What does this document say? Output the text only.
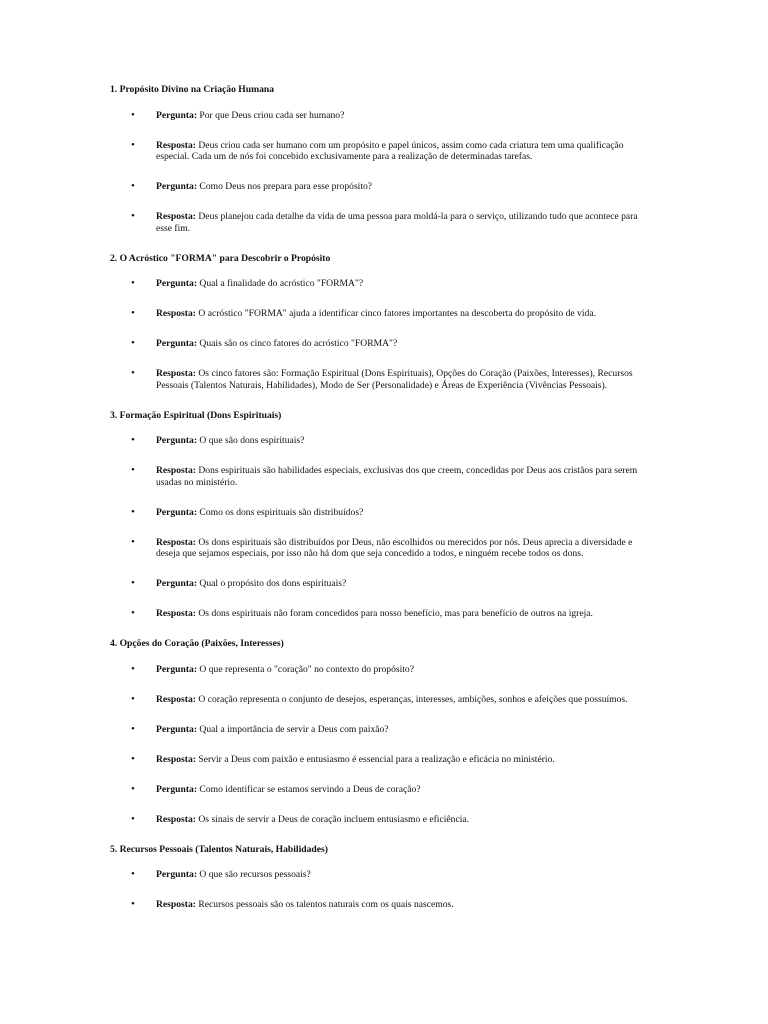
1. Propósito Divino na Criação Humana
• Pergunta: Por que Deus criou cada ser humano?
• Resposta: Deus criou cada ser humano com um propósito e papel únicos, assim como cada criatura tem uma qualificação especial. Cada um de nós foi concebido exclusivamente para a realização de determinadas tarefas.
• Pergunta: Como Deus nos prepara para esse propósito?
• Resposta: Deus planejou cada detalhe da vida de uma pessoa para moldá-la para o serviço, utilizando tudo que acontece para esse fim.
2. O Acróstico "FORMA" para Descobrir o Propósito
• Pergunta: Qual a finalidade do acróstico "FORMA"?
• Resposta: O acróstico "FORMA" ajuda a identificar cinco fatores importantes na descoberta do propósito de vida.
• Pergunta: Quais são os cinco fatores do acróstico "FORMA"?
• Resposta: Os cinco fatores são: Formação Espiritual (Dons Espirituais), Opções do Coração (Paixões, Interesses), Recursos Pessoais (Talentos Naturais, Habilidades), Modo de Ser (Personalidade) e Áreas de Experiência (Vivências Pessoais).
3. Formação Espiritual (Dons Espirituais)
• Pergunta: O que são dons espirituais?
• Resposta: Dons espirituais são habilidades especiais, exclusivas dos que creem, concedidas por Deus aos cristãos para serem usadas no ministério.
• Pergunta: Como os dons espirituais são distribuídos?
• Resposta: Os dons espirituais são distribuídos por Deus, não escolhidos ou merecidos por nós. Deus aprecia a diversidade e deseja que sejamos especiais, por isso não há dom que seja concedido a todos, e ninguém recebe todos os dons.
• Pergunta: Qual o propósito dos dons espirituais?
• Resposta: Os dons espirituais não foram concedidos para nosso benefício, mas para benefício de outros na igreja.
4. Opções do Coração (Paixões, Interesses)
• Pergunta: O que representa o "coração" no contexto do propósito?
• Resposta: O coração representa o conjunto de desejos, esperanças, interesses, ambições, sonhos e afeições que possuímos.
• Pergunta: Qual a importância de servir a Deus com paixão?
• Resposta: Servir a Deus com paixão e entusiasmo é essencial para a realização e eficácia no ministério.
• Pergunta: Como identificar se estamos servindo a Deus de coração?
• Resposta: Os sinais de servir a Deus de coração incluem entusiasmo e eficiência.
5. Recursos Pessoais (Talentos Naturais, Habilidades)
• Pergunta: O que são recursos pessoais?
• Resposta: Recursos pessoais são os talentos naturais com os quais nascemos.
